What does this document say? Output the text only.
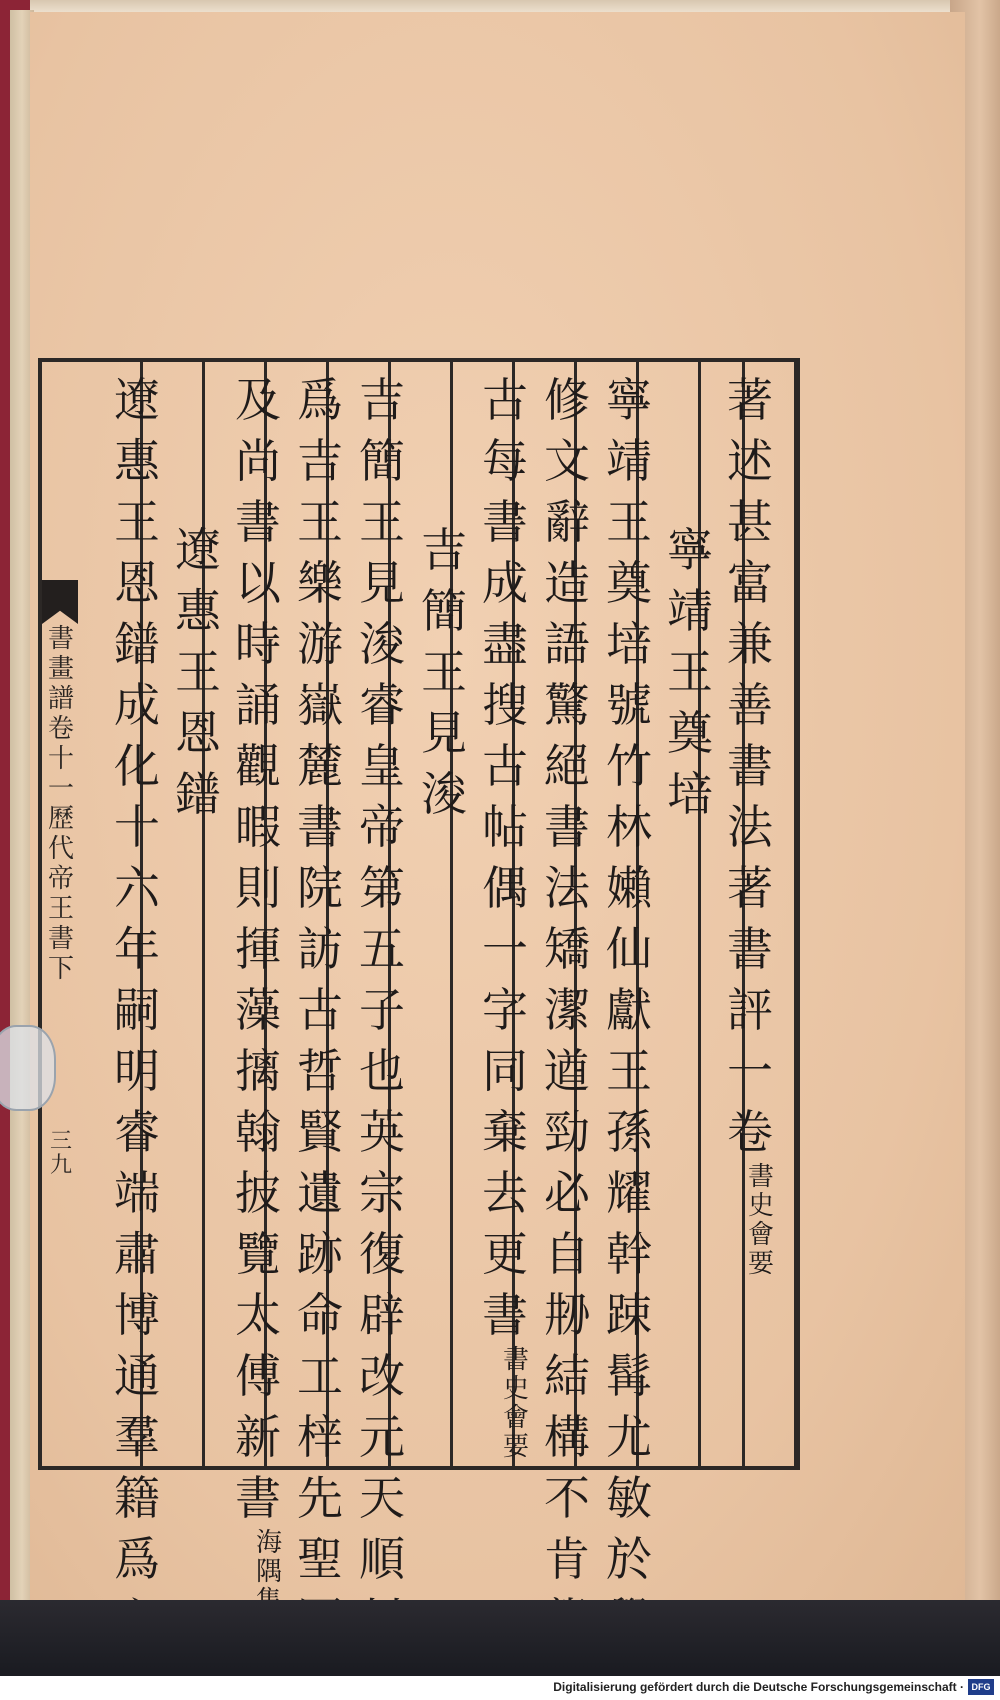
書
畫
譜
卷
十
一
歷
代
帝
王
書
下
三
九
著
述
甚
富
兼
善
書
法
著
書
評
一
卷
書
史
會
要
寧
靖
王
奠
培
寧
靖
王
奠
培
號
竹
林
嬾
仙
獻
王
孫
耀
幹
踈
髯
尤
敏
於
修
文
辭
造
語
驚
絕
書
法
矯
潔
遒
勁
必
自
刱
結
構
不
肯
古
每
書
成
盡
搜
古
帖
偶
一
字
同
棄
去
更
書
書
史
會
要
吉
簡
王
見
浚
吉
簡
王
見
浚
睿
皇
帝
第
五
子
也
英
宗
復
辟
改
元
天
順
爲
吉
王
樂
游
嶽
麓
書
院
訪
古
哲
賢
遺
跡
命
工
梓
先
聖
及
尚
書
以
時
誦
觀
暇
則
揮
藻
摛
翰
披
覽
太
傅
新
書
海
隅
遼
惠
王
恩
鐠
遼
惠
王
恩
鐠
成
化
十
六
年
嗣
明
睿
端
肅
博
通
羣
籍
爲
Digitalisierung gefördert durch die Deutsche Forschungsgemeinschaft · DFG
